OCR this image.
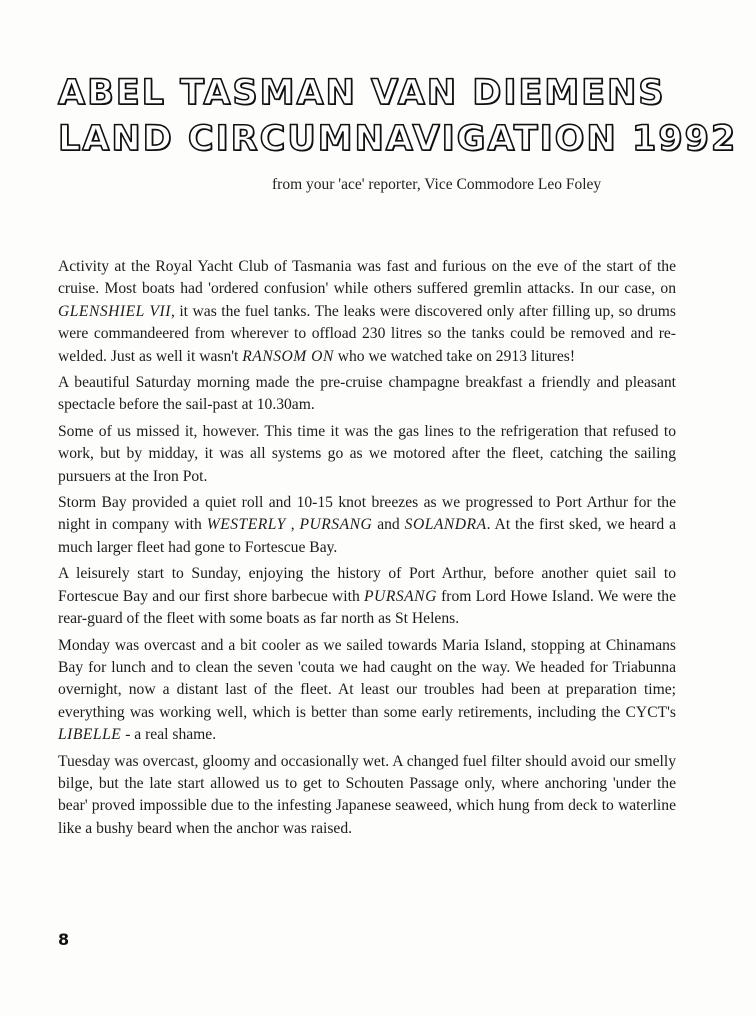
ABEL TASMAN VAN DIEMENS
LAND CIRCUMNAVIGATION 1992
from your 'ace' reporter, Vice Commodore Leo Foley

Activity at the Royal Yacht Club of Tasmania was fast and furious on the eve of the start of the cruise. Most boats had 'ordered confusion' while others suffered gremlin attacks. In our case, on GLENSHIEL VII, it was the fuel tanks. The leaks were discovered only after filling up, so drums were commandeered from wherever to offload 230 litres so the tanks could be removed and re-welded. Just as well it wasn't RANSOM ON who we watched take on 2913 litures!

A beautiful Saturday morning made the pre-cruise champagne breakfast a friendly and pleasant spectacle before the sail-past at 10.30am.

Some of us missed it, however. This time it was the gas lines to the refrigeration that refused to work, but by midday, it was all systems go as we motored after the fleet, catching the sailing pursuers at the Iron Pot.

Storm Bay provided a quiet roll and 10-15 knot breezes as we progressed to Port Arthur for the night in company with WESTERLY , PURSANG and SOLANDRA. At the first sked, we heard a much larger fleet had gone to Fortescue Bay.

A leisurely start to Sunday, enjoying the history of Port Arthur, before another quiet sail to Fortescue Bay and our first shore barbecue with PURSANG from Lord Howe Island. We were the rear-guard of the fleet with some boats as far north as St Helens.

Monday was overcast and a bit cooler as we sailed towards Maria Island, stopping at Chinamans Bay for lunch and to clean the seven 'couta we had caught on the way. We headed for Triabunna overnight, now a distant last of the fleet. At least our troubles had been at preparation time; everything was working well, which is better than some early retirements, including the CYCT's LIBELLE - a real shame.

Tuesday was overcast, gloomy and occasionally wet. A changed fuel filter should avoid our smelly bilge, but the late start allowed us to get to Schouten Passage only, where anchoring 'under the bear' proved impossible due to the infesting Japanese seaweed, which hung from deck to waterline like a bushy beard when the anchor was raised.

8
